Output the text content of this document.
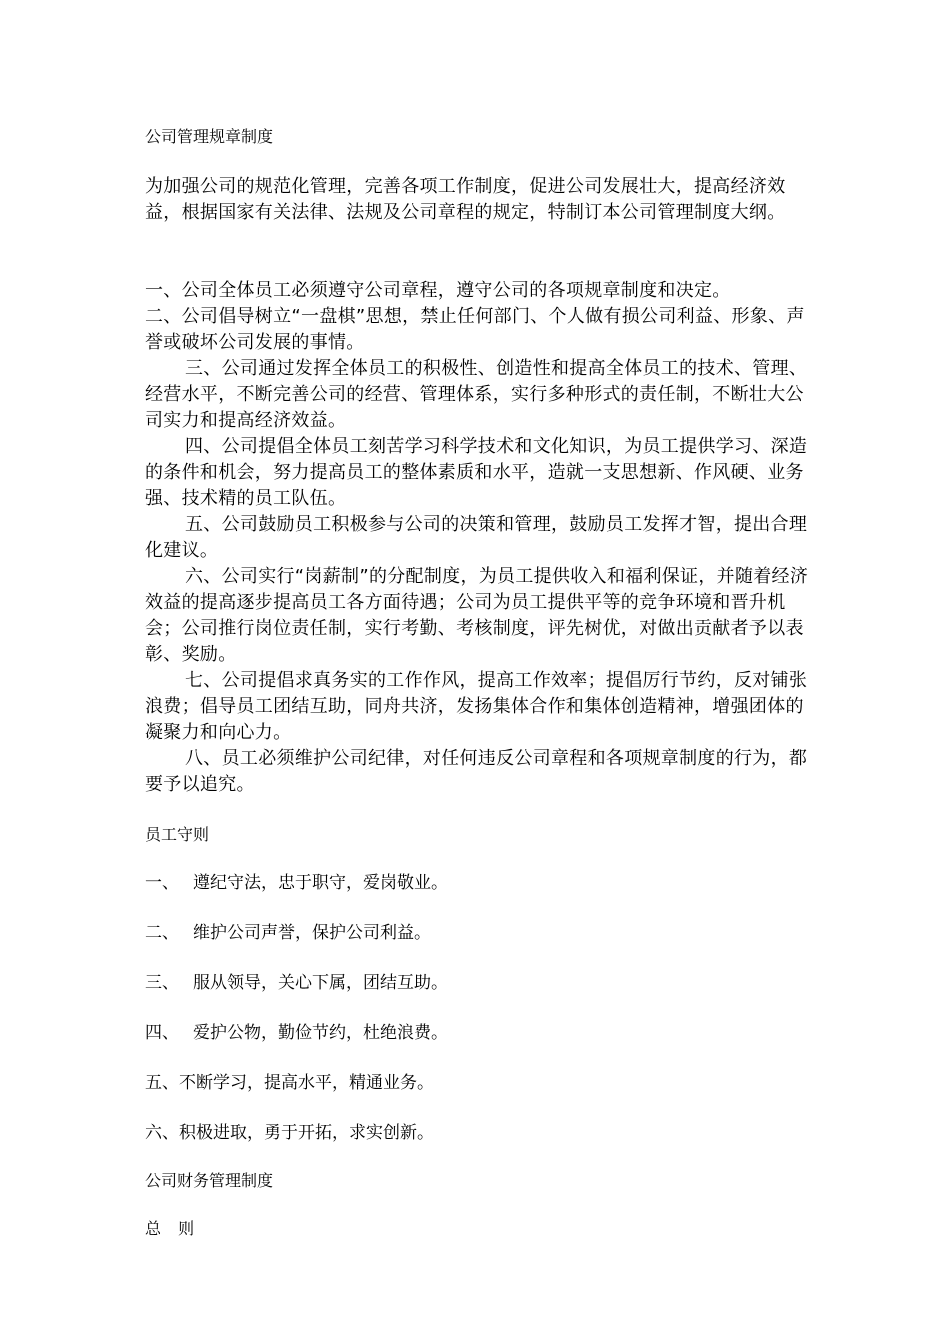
公司管理规章制度

为加强公司的规范化管理，完善各项工作制度，促进公司发展壮大，提高经济效益，根据国家有关法律、法规及公司章程的规定，特制订本公司管理制度大纲。

一、公司全体员工必须遵守公司章程，遵守公司的各项规章制度和决定。

二、公司倡导树立“一盘棋”思想，禁止任何部门、个人做有损公司利益、形象、声誉或破坏公司发展的事情。

三、公司通过发挥全体员工的积极性、创造性和提高全体员工的技术、管理、经营水平，不断完善公司的经营、管理体系，实行多种形式的责任制，不断壮大公司实力和提高经济效益。

四、公司提倡全体员工刻苦学习科学技术和文化知识，为员工提供学习、深造的条件和机会，努力提高员工的整体素质和水平，造就一支思想新、作风硬、业务强、技术精的员工队伍。

五、公司鼓励员工积极参与公司的决策和管理，鼓励员工发挥才智，提出合理化建议。

六、公司实行“岗薪制”的分配制度，为员工提供收入和福利保证，并随着经济效益的提高逐步提高员工各方面待遇；公司为员工提供平等的竞争环境和晋升机会；公司推行岗位责任制，实行考勤、考核制度，评先树优，对做出贡献者予以表彰、奖励。

七、公司提倡求真务实的工作作风，提高工作效率；提倡厉行节约，反对铺张浪费；倡导员工团结互助，同舟共济，发扬集体合作和集体创造精神，增强团体的凝聚力和向心力。

八、员工必须维护公司纪律，对任何违反公司章程和各项规章制度的行为，都要予以追究。

员工守则

一、 遵纪守法，忠于职守，爱岗敬业。

二、 维护公司声誉，保护公司利益。

三、 服从领导，关心下属，团结互助。

四、 爱护公物，勤俭节约，杜绝浪费。

五、不断学习，提高水平，精通业务。

六、积极进取，勇于开拓，求实创新。

公司财务管理制度

总 则
